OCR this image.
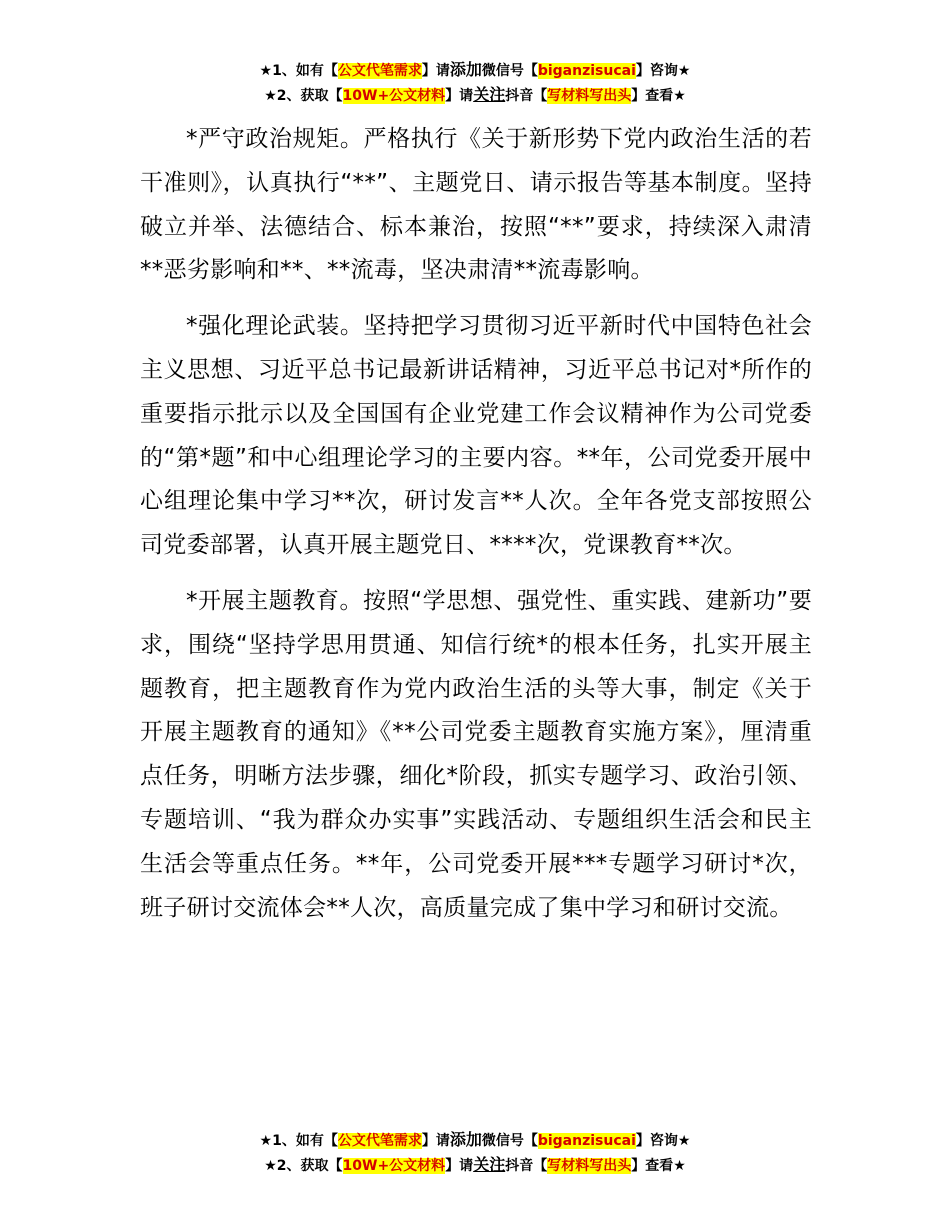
★1、如有【公文代笔需求】请添加微信号【biganzisucai】咨询★
★2、获取【10W+公文材料】请关注抖音【写材料写出头】查看★

*严守政治规矩。严格执行《关于新形势下党内政治生活的若干准则》，认真执行“**”、主题党日、请示报告等基本制度。坚持破立并举、法德结合、标本兼治，按照“**”要求，持续深入肃清**恶劣影响和**、**流毒，坚决肃清**流毒影响。

*强化理论武装。坚持把学习贯彻习近平新时代中国特色社会主义思想、习近平总书记最新讲话精神，习近平总书记对*所作的重要指示批示以及全国国有企业党建工作会议精神作为公司党委的“第*题”和中心组理论学习的主要内容。**年，公司党委开展中心组理论集中学习**次，研讨发言**人次。全年各党支部按照公司党委部署，认真开展主题党日、****次，党课教育**次。

*开展主题教育。按照“学思想、强党性、重实践、建新功”要求，围绕“坚持学思用贯通、知信行统*的根本任务，扎实开展主题教育，把主题教育作为党内政治生活的头等大事，制定《关于开展主题教育的通知》《**公司党委主题教育实施方案》，厘清重点任务，明晰方法步骤，细化*阶段，抓实专题学习、政治引领、专题培训、“我为群众办实事”实践活动、专题组织生活会和民主生活会等重点任务。**年，公司党委开展***专题学习研讨*次，班子研讨交流体会**人次，高质量完成了集中学习和研讨交流。

★1、如有【公文代笔需求】请添加微信号【biganzisucai】咨询★
★2、获取【10W+公文材料】请关注抖音【写材料写出头】查看★
